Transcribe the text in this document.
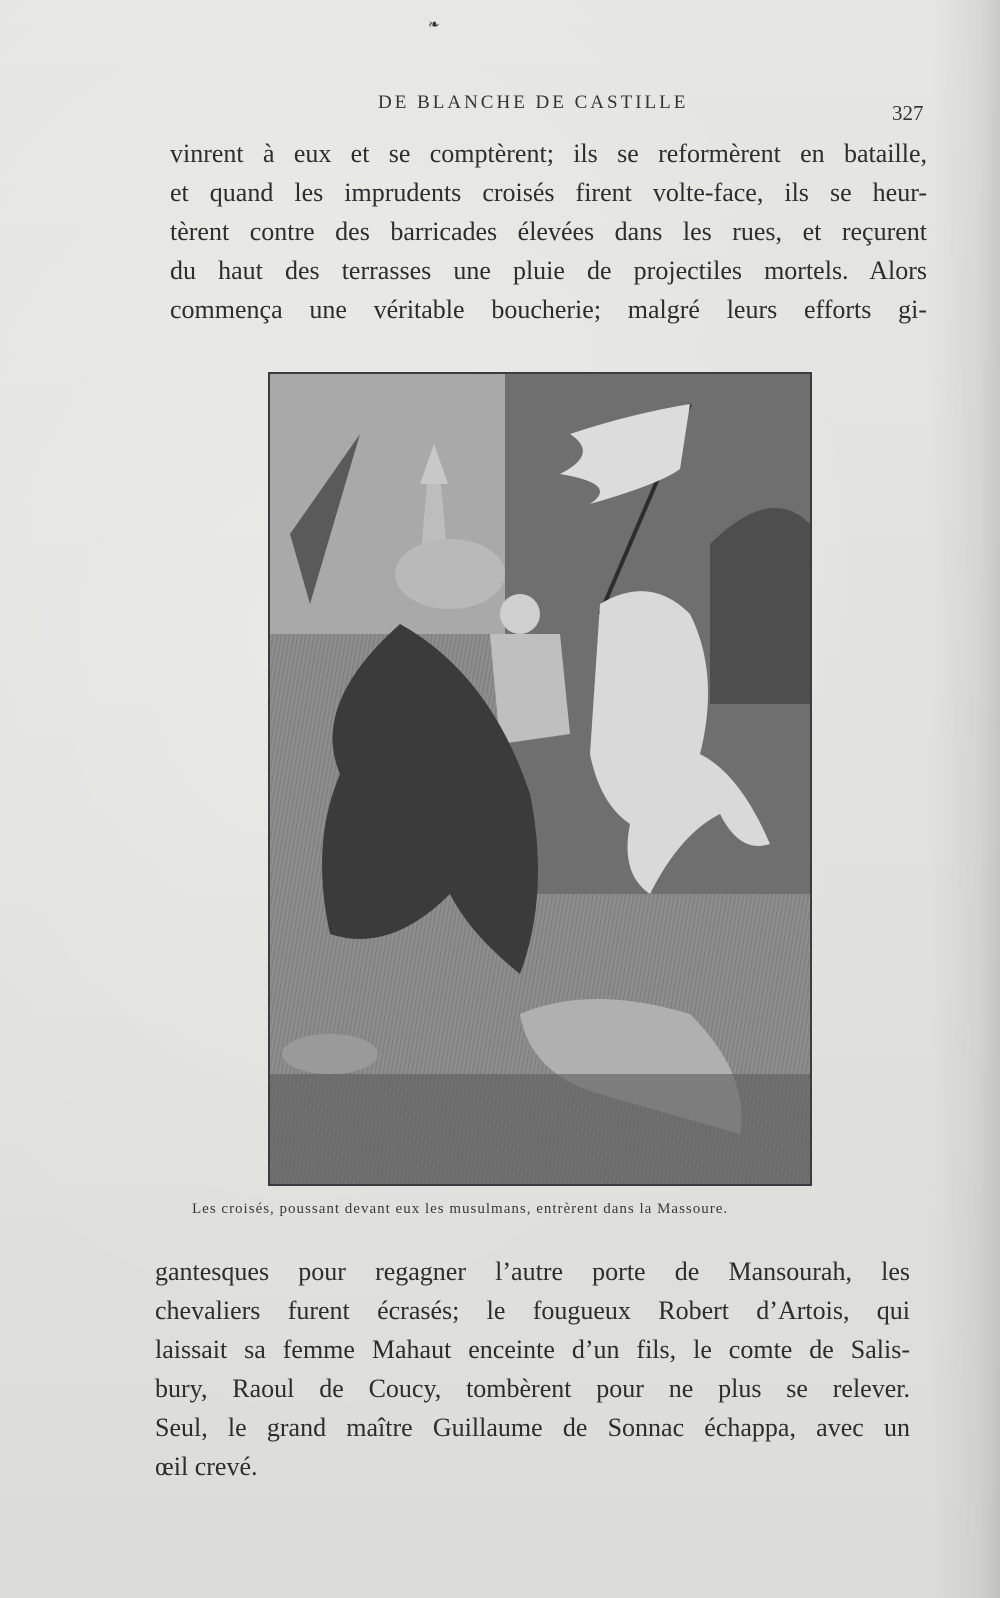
❧
DE BLANCHE DE CASTILLE	327
vinrent à eux et se comptèrent; ils se reformèrent en bataille,
et quand les imprudents croisés firent volte-face, ils se heur-
tèrent contre des barricades élevées dans les rues, et reçurent
du haut des terrasses une pluie de projectiles mortels. Alors
commença une véritable boucherie; malgré leurs efforts gi-
Les croisés, poussant devant eux les musulmans, entrèrent dans la Massoure.
gantesques pour regagner l’autre porte de Mansourah, les
chevaliers furent écrasés; le fougueux Robert d’Artois, qui
laissait sa femme Mahaut enceinte d’un fils, le comte de Salis-
bury, Raoul de Coucy, tombèrent pour ne plus se relever.
Seul, le grand maître Guillaume de Sonnac échappa, avec un
œil crevé.
